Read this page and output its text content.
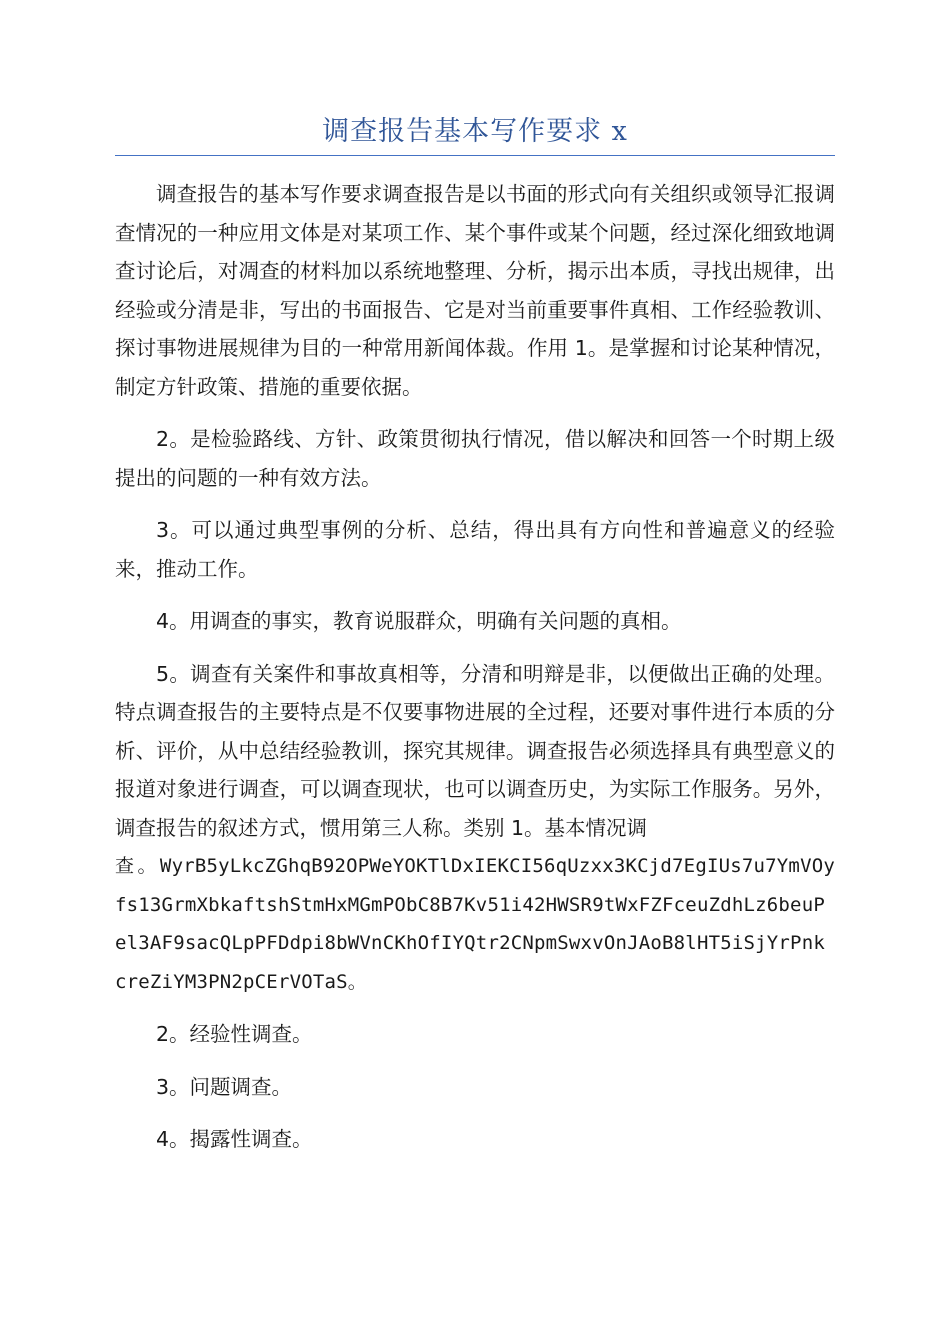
调查报告基本写作要求 x

调查报告的基本写作要求调查报告是以书面的形式向有关组织或领导汇报调查情况的一种应用文体是对某项工作、某个事件或某个问题，经过深化细致地调查讨论后，对凋查的材料加以系统地整理、分析，揭示出本质，寻找出规律，出经验或分清是非，写出的书面报告、它是对当前重要事件真相、工作经验教训、探讨事物进展规律为目的一种常用新闻体裁。作用 1。是掌握和讨论某种情况，制定方针政策、措施的重要依据。

2。是检验路线、方针、政策贯彻执行情况，借以解决和回答一个时期上级提出的问题的一种有效方法。

3。可以通过典型事例的分析、总结，得出具有方向性和普遍意义的经验来，推动工作。

4。用调查的事实，教育说服群众，明确有关问题的真相。

5。调查有关案件和事故真相等，分清和明辩是非，以便做出正确的处理。特点调查报告的主要特点是不仅要事物进展的全过程，还要对事件进行本质的分析、评价，从中总结经验教训，探究其规律。调查报告必须选择具有典型意义的报道对象进行调查，可以调查现状，也可以调查历史，为实际工作服务。另外，调查报告的叙述方式，惯用第三人称。类别 1。基本情况调

查。WyrB5yLkcZGhqB92OPWeYOKTlDxIEKCI56qUzxx3KCjd7EgIUs7u7YmVOyfs13GrmXbkaftshStmHxMGmPObC8B7Kv51i42HWSR9tWxFZFceuZdhLz6beuPel3AF9sacQLpPFDdpi8bWVnCKhOfIYQtr2CNpmSwxvOnJAoB8lHT5iSjYrPnkcreZiYM3PN2pCErVOTaS。

2。经验性调查。

3。问题调查。

4。揭露性调查。
